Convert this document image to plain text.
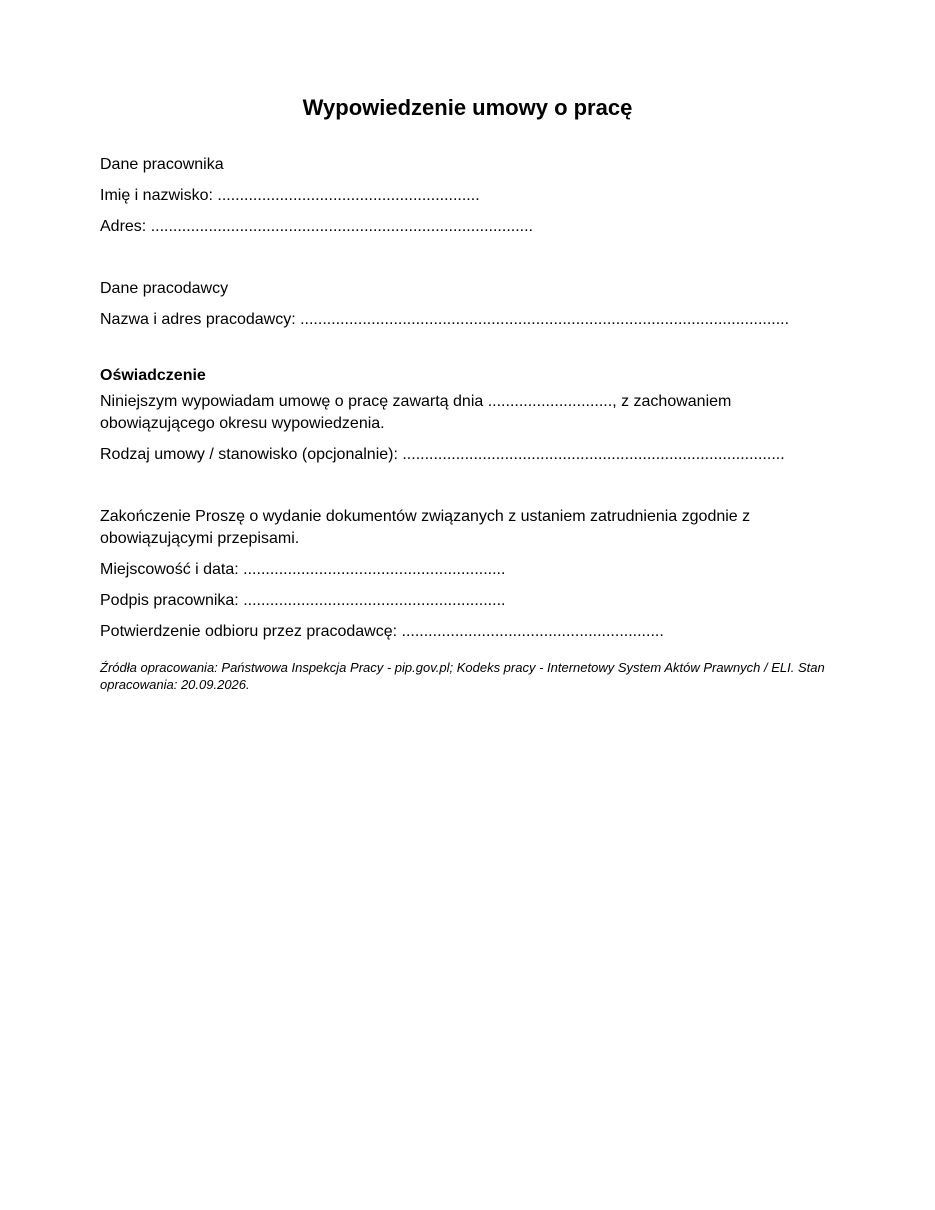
Wypowiedzenie umowy o pracę
Dane pracownika
Imię i nazwisko: ...........................................................
Adres: ......................................................................................
Dane pracodawcy
Nazwa i adres pracodawcy: ..............................................................................................................
Oświadczenie
Niniejszym wypowiadam umowę o pracę zawartą dnia ............................, z zachowaniem obowiązującego okresu wypowiedzenia.
Rodzaj umowy / stanowisko (opcjonalnie): ......................................................................................
Zakończenie Proszę o wydanie dokumentów związanych z ustaniem zatrudnienia zgodnie z obowiązującymi przepisami.
Miejscowość i data: ...........................................................
Podpis pracownika: ...........................................................
Potwierdzenie odbioru przez pracodawcę: ...........................................................
Źródła opracowania: Państwowa Inspekcja Pracy - pip.gov.pl; Kodeks pracy - Internetowy System Aktów Prawnych / ELI. Stan opracowania: 20.09.2026.
